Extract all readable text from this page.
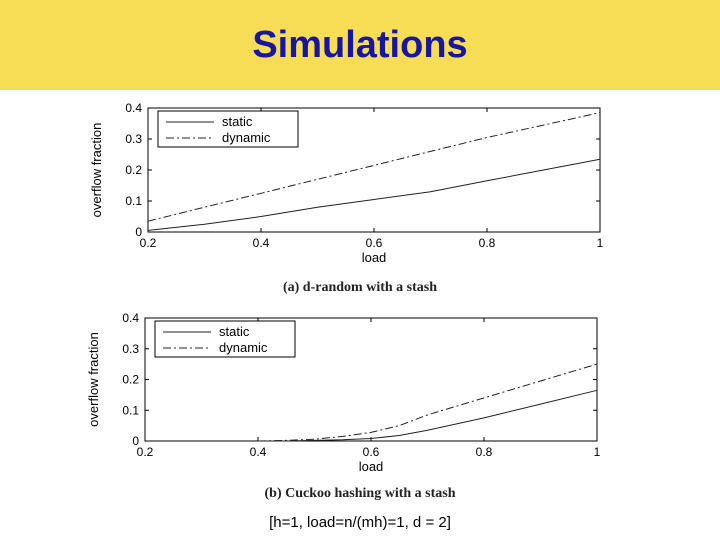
Simulations
0.2	0.4	0.6	0.8	1
0
0.1
0.2
0.3
0.4
load
overflow fraction
static
dynamic
(a) d-random with a stash
0.2	0.4	0.6	0.8	1
0
0.1
0.2
0.3
0.4
load
overflow fraction
static
dynamic
(b) Cuckoo hashing with a stash
[h=1, load=n/(mh)=1, d = 2]
